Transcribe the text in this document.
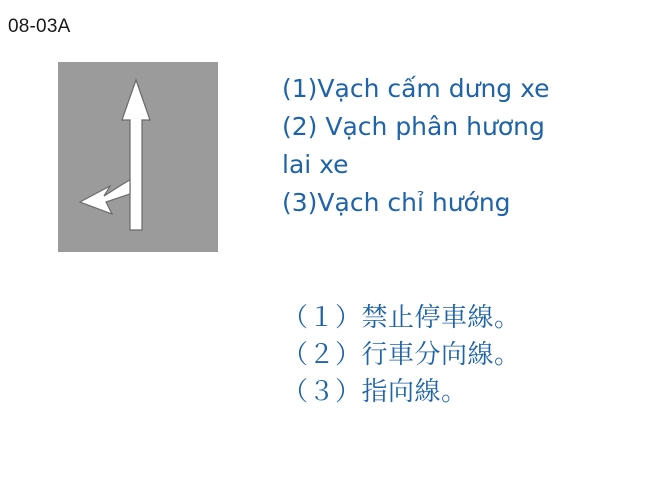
08-03A
(1)Vạch cấm dưng xe
(2) Vạch phân hương
lai xe
(3)Vạch chỉ hướng
（１）禁止停車線。
（２）行車分向線。
（３）指向線。
